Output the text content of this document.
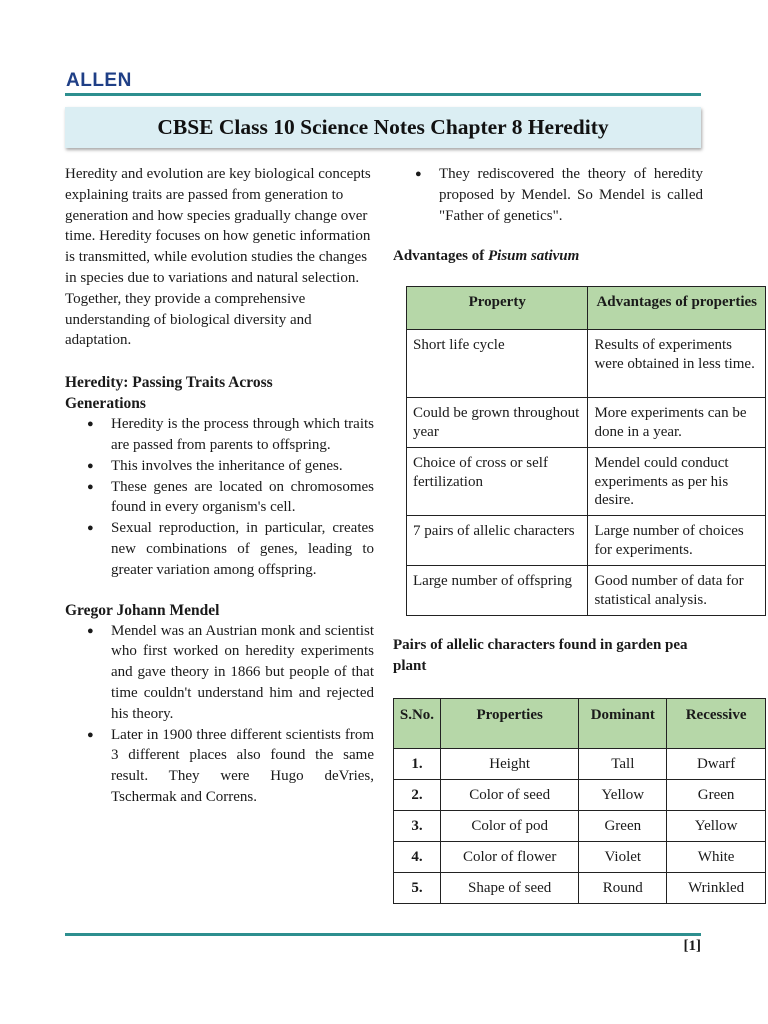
ALLEN
CBSE Class 10 Science Notes Chapter 8 Heredity

Heredity and evolution are key biological concepts explaining traits are passed from generation to generation and how species gradually change over time. Heredity focuses on how genetic information is transmitted, while evolution studies the changes in species due to variations and natural selection. Together, they provide a comprehensive understanding of biological diversity and adaptation.

Heredity: Passing Traits Across Generations
● Heredity is the process through which traits are passed from parents to offspring.
● This involves the inheritance of genes.
● These genes are located on chromosomes found in every organism's cell.
● Sexual reproduction, in particular, creates new combinations of genes, leading to greater variation among offspring.
Gregor Johann Mendel
● Mendel was an Austrian monk and scientist who first worked on heredity experiments and gave theory in 1866 but people of that time couldn't understand him and rejected his theory.
● Later in 1900 three different scientists from 3 different places also found the same result. They were Hugo deVries, Tschermak and Correns.
● They rediscovered the theory of heredity proposed by Mendel. So Mendel is called "Father of genetics".

Advantages of Pisum sativum

Property	Advantages of properties
Short life cycle	Results of experiments were obtained in less time.
Could be grown throughout year	More experiments can be done in a year.
Choice of cross or self fertilization	Mendel could conduct experiments as per his desire.
7 pairs of allelic characters	Large number of choices for experiments.
Large number of offspring	Good number of data for statistical analysis.

Pairs of allelic characters found in garden pea plant

S.No.	Properties	Dominant	Recessive
1.	Height	Tall	Dwarf
2.	Color of seed	Yellow	Green
3.	Color of pod	Green	Yellow
4.	Color of flower	Violet	White
5.	Shape of seed	Round	Wrinkled
[1]
